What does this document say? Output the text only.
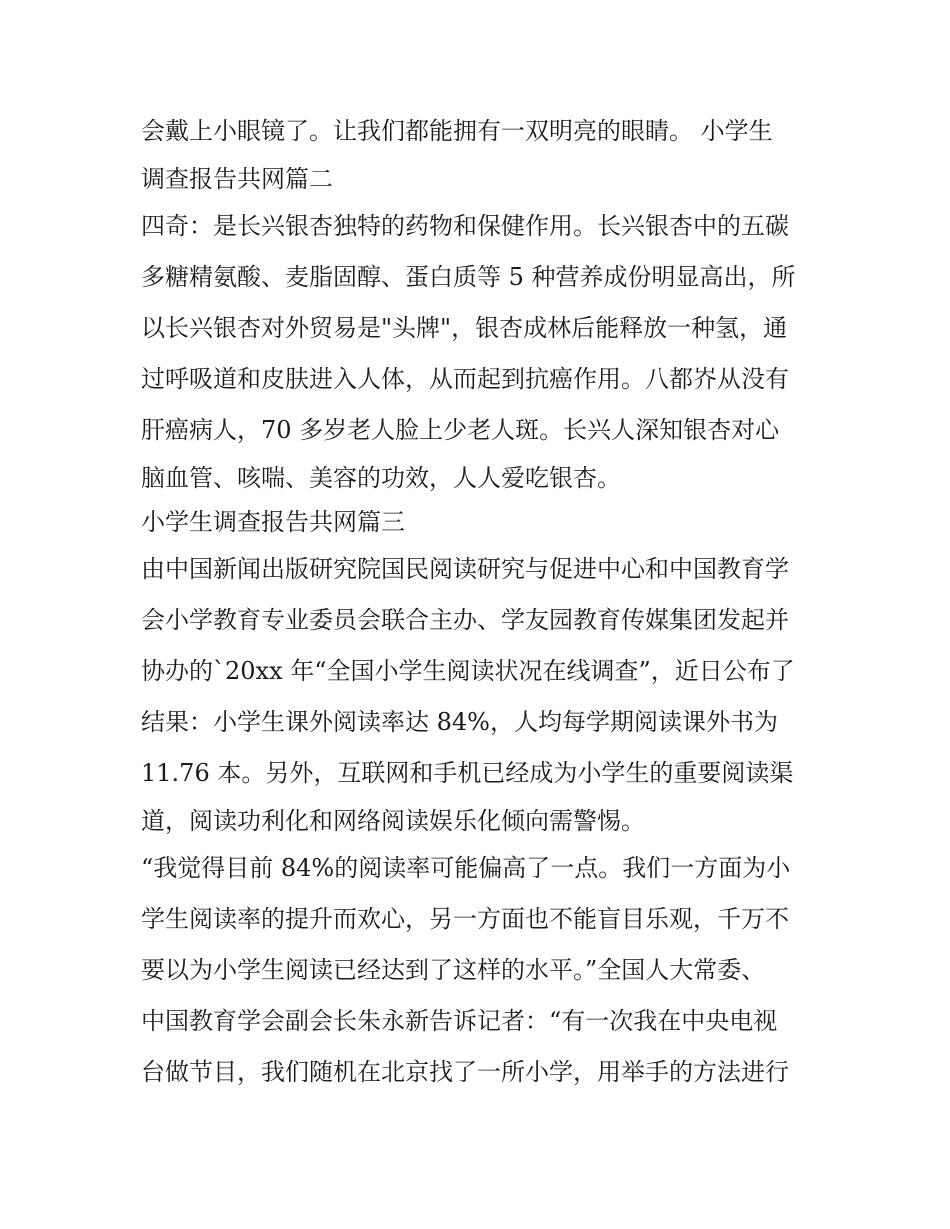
会戴上小眼镜了。让我们都能拥有一双明亮的眼睛。 小学生
调查报告共网篇二
四奇：是长兴银杏独特的药物和保健作用。长兴银杏中的五碳
多糖精氨酸、麦脂固醇、蛋白质等 5 种营养成份明显高出，所
以长兴银杏对外贸易是"头牌"，银杏成林后能释放一种氢，通
过呼吸道和皮肤进入人体，从而起到抗癌作用。八都岕从没有
肝癌病人，70 多岁老人脸上少老人斑。长兴人深知银杏对心
脑血管、咳喘、美容的功效，人人爱吃银杏。
小学生调查报告共网篇三
由中国新闻出版研究院国民阅读研究与促进中心和中国教育学
会小学教育专业委员会联合主办、学友园教育传媒集团发起并
协办的`20xx 年“全国小学生阅读状况在线调查”，近日公布了
结果：小学生课外阅读率达 84%，人均每学期阅读课外书为
11.76 本。另外，互联网和手机已经成为小学生的重要阅读渠
道，阅读功利化和网络阅读娱乐化倾向需警惕。
“我觉得目前 84%的阅读率可能偏高了一点。我们一方面为小
学生阅读率的提升而欢心，另一方面也不能盲目乐观，千万不
要以为小学生阅读已经达到了这样的水平。”全国人大常委、
中国教育学会副会长朱永新告诉记者：“有一次我在中央电视
台做节目，我们随机在北京找了一所小学，用举手的方法进行
